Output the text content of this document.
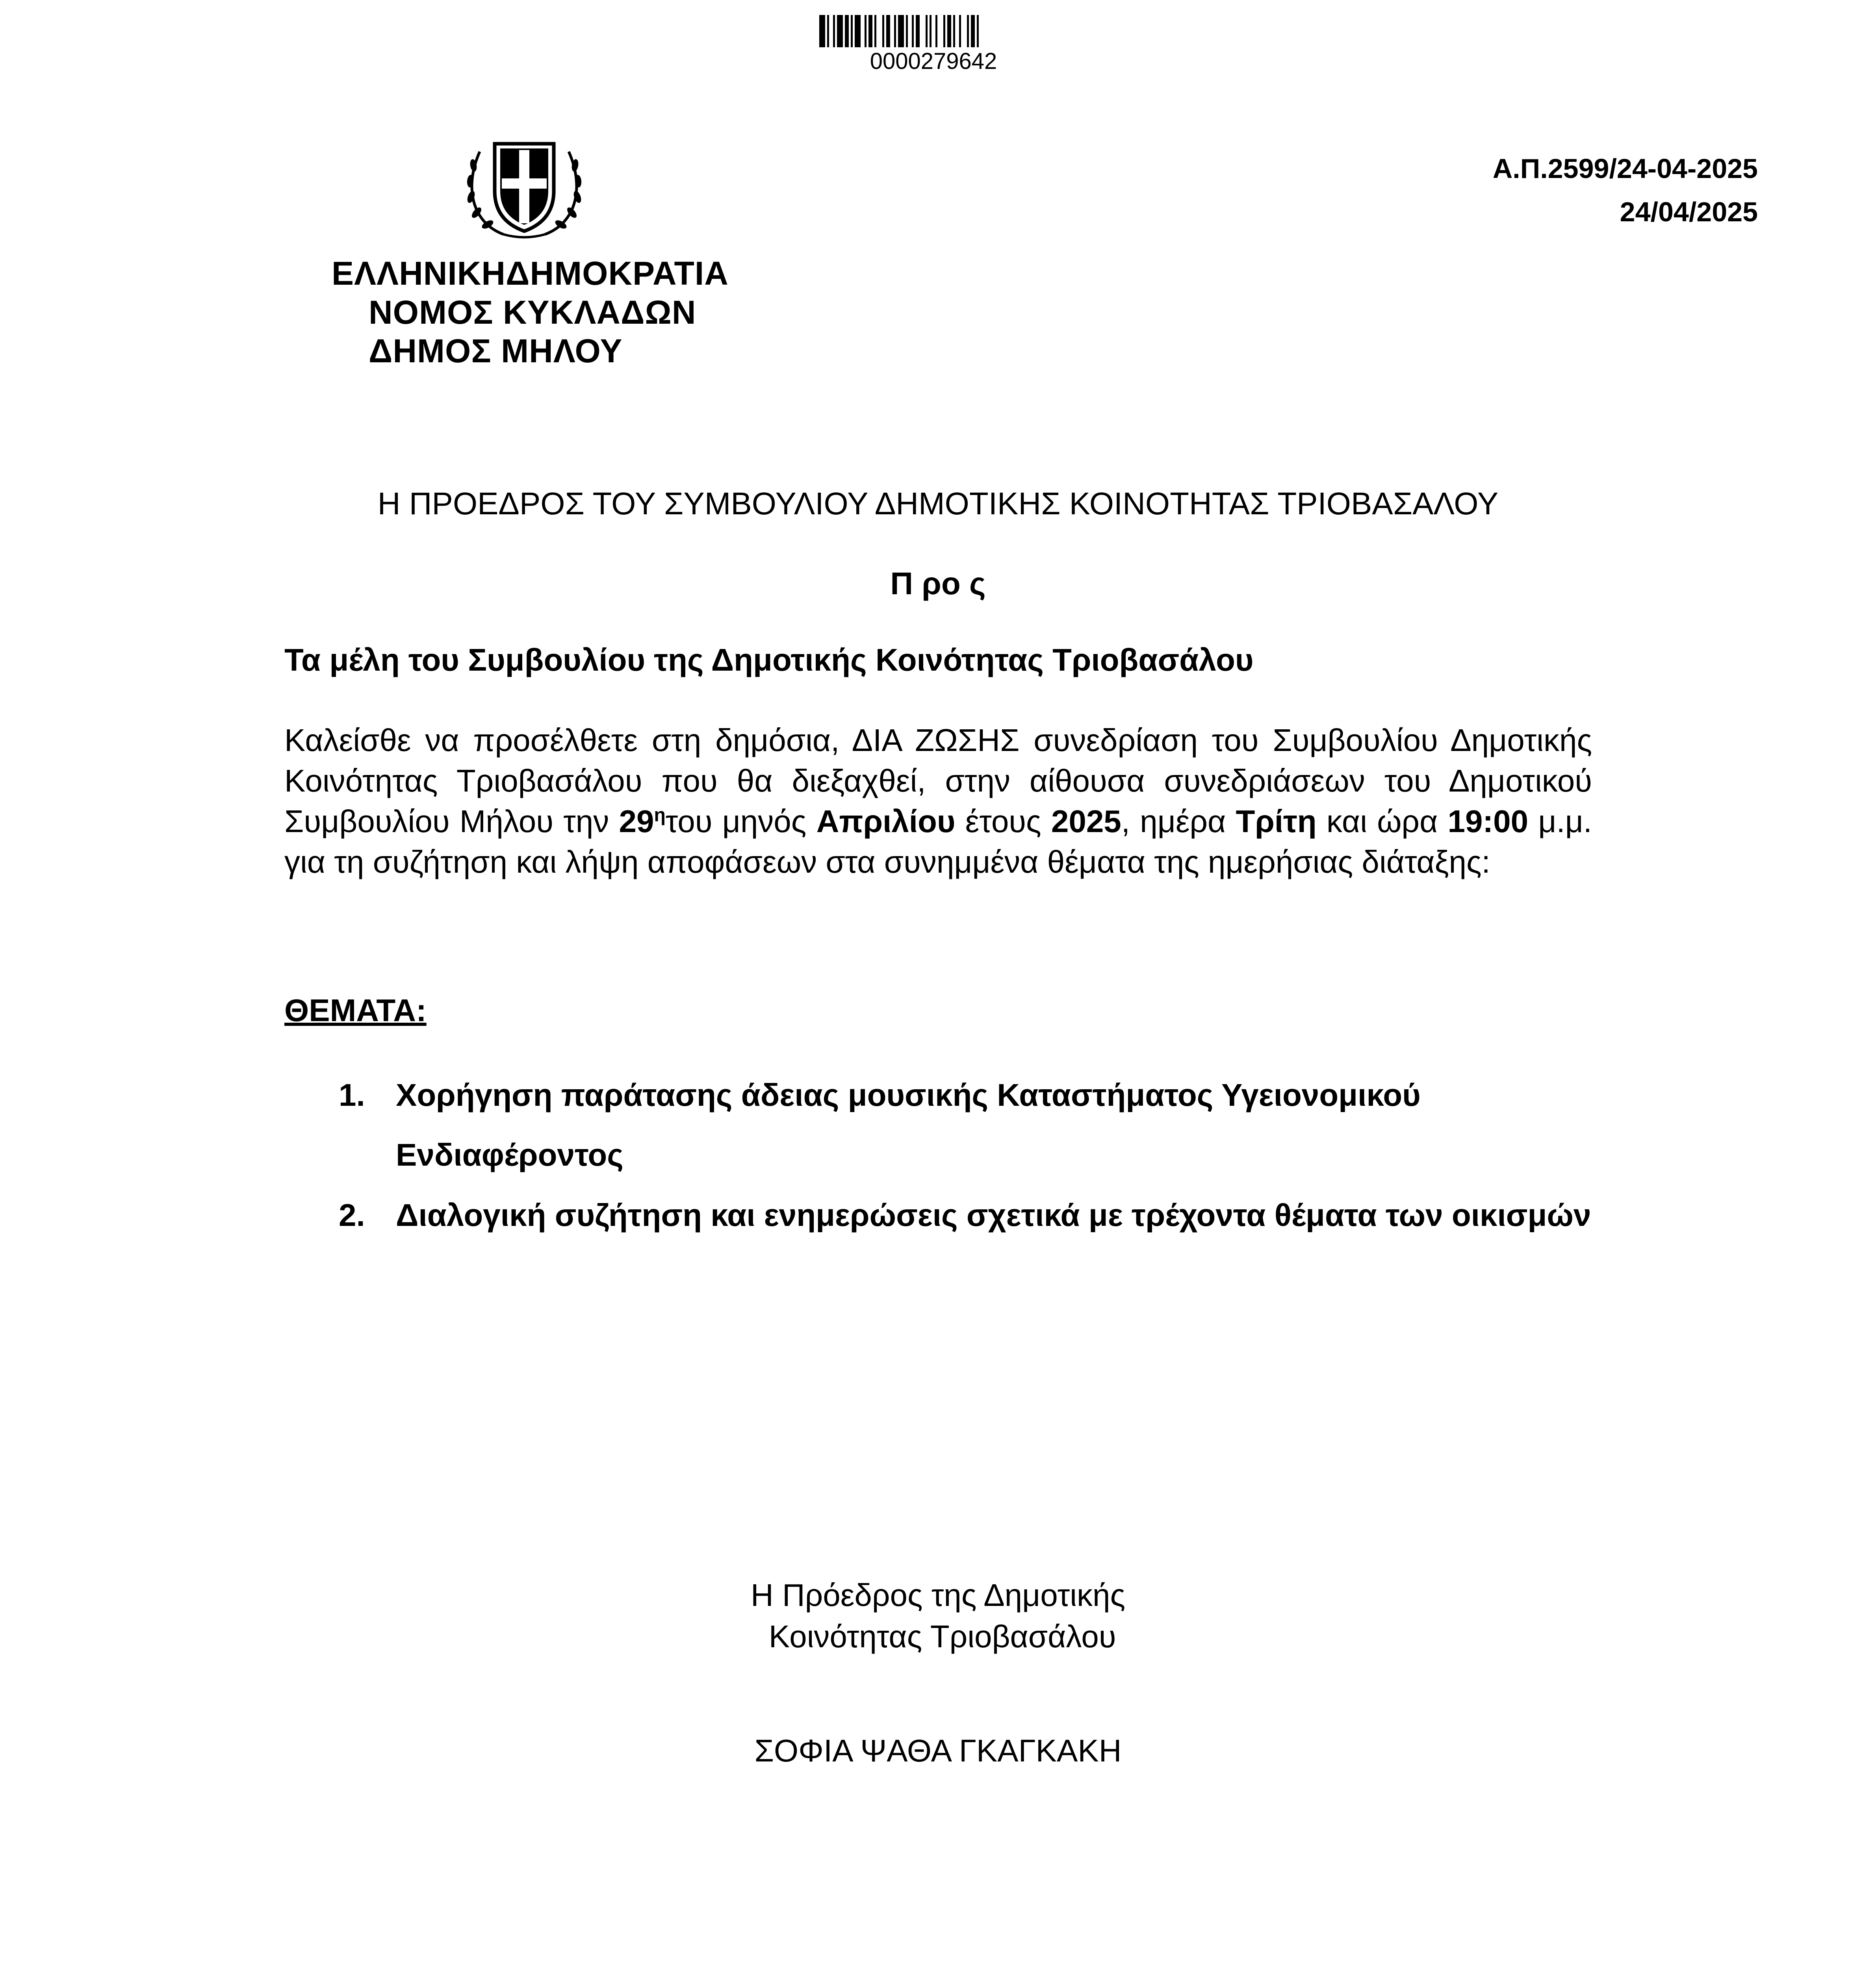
0000279642
Α.Π.2599/24-04-2025
24/04/2025
ΕΛΛΗΝΙΚΗΔΗΜΟΚΡΑΤΙΑ
ΝΟΜΟΣ ΚΥΚΛΑΔΩΝ
ΔΗΜΟΣ ΜΗΛΟΥ
Η ΠΡΟΕΔΡΟΣ ΤΟΥ ΣΥΜΒΟΥΛΙΟΥ ΔΗΜΟΤΙΚΗΣ ΚΟΙΝΟΤΗΤΑΣ ΤΡΙΟΒΑΣΑΛΟΥ
Π ρο ς
Τα μέλη του Συμβουλίου της Δημοτικής Κοινότητας Τριοβασάλου
Καλείσθε να προσέλθετε στη δημόσια, ΔΙΑ ΖΩΣΗΣ συνεδρίαση του Συμβουλίου Δημοτικής Κοινότητας Τριοβασάλου που θα διεξαχθεί, στην αίθουσα συνεδριάσεων του Δημοτικού Συμβουλίου Μήλου την $29^\eta\tau o\upsilon$ μηνός Απριλίου έτους 2025, ημέρα Τρίτη και ώρα 19:00 μ.μ. για τη συζήτηση και λήψη αποφάσεων στα συνημμένα θέματα της ημερήσιας διάταξης:
ΘΕΜΑΤΑ:
1. Χορήγηση παράτασης άδειας μουσικής Καταστήματος Υγειονομικού Ενδιαφέροντος
2. Διαλογική συζήτηση και ενημερώσεις σχετικά με τρέχοντα θέματα των οικισμών
Η Πρόεδρος της Δημοτικής
Κοινότητας Τριοβασάλου
ΣΟΦΙΑ ΨΑΘΑ ΓΚΑΓΚΑΚΗ
